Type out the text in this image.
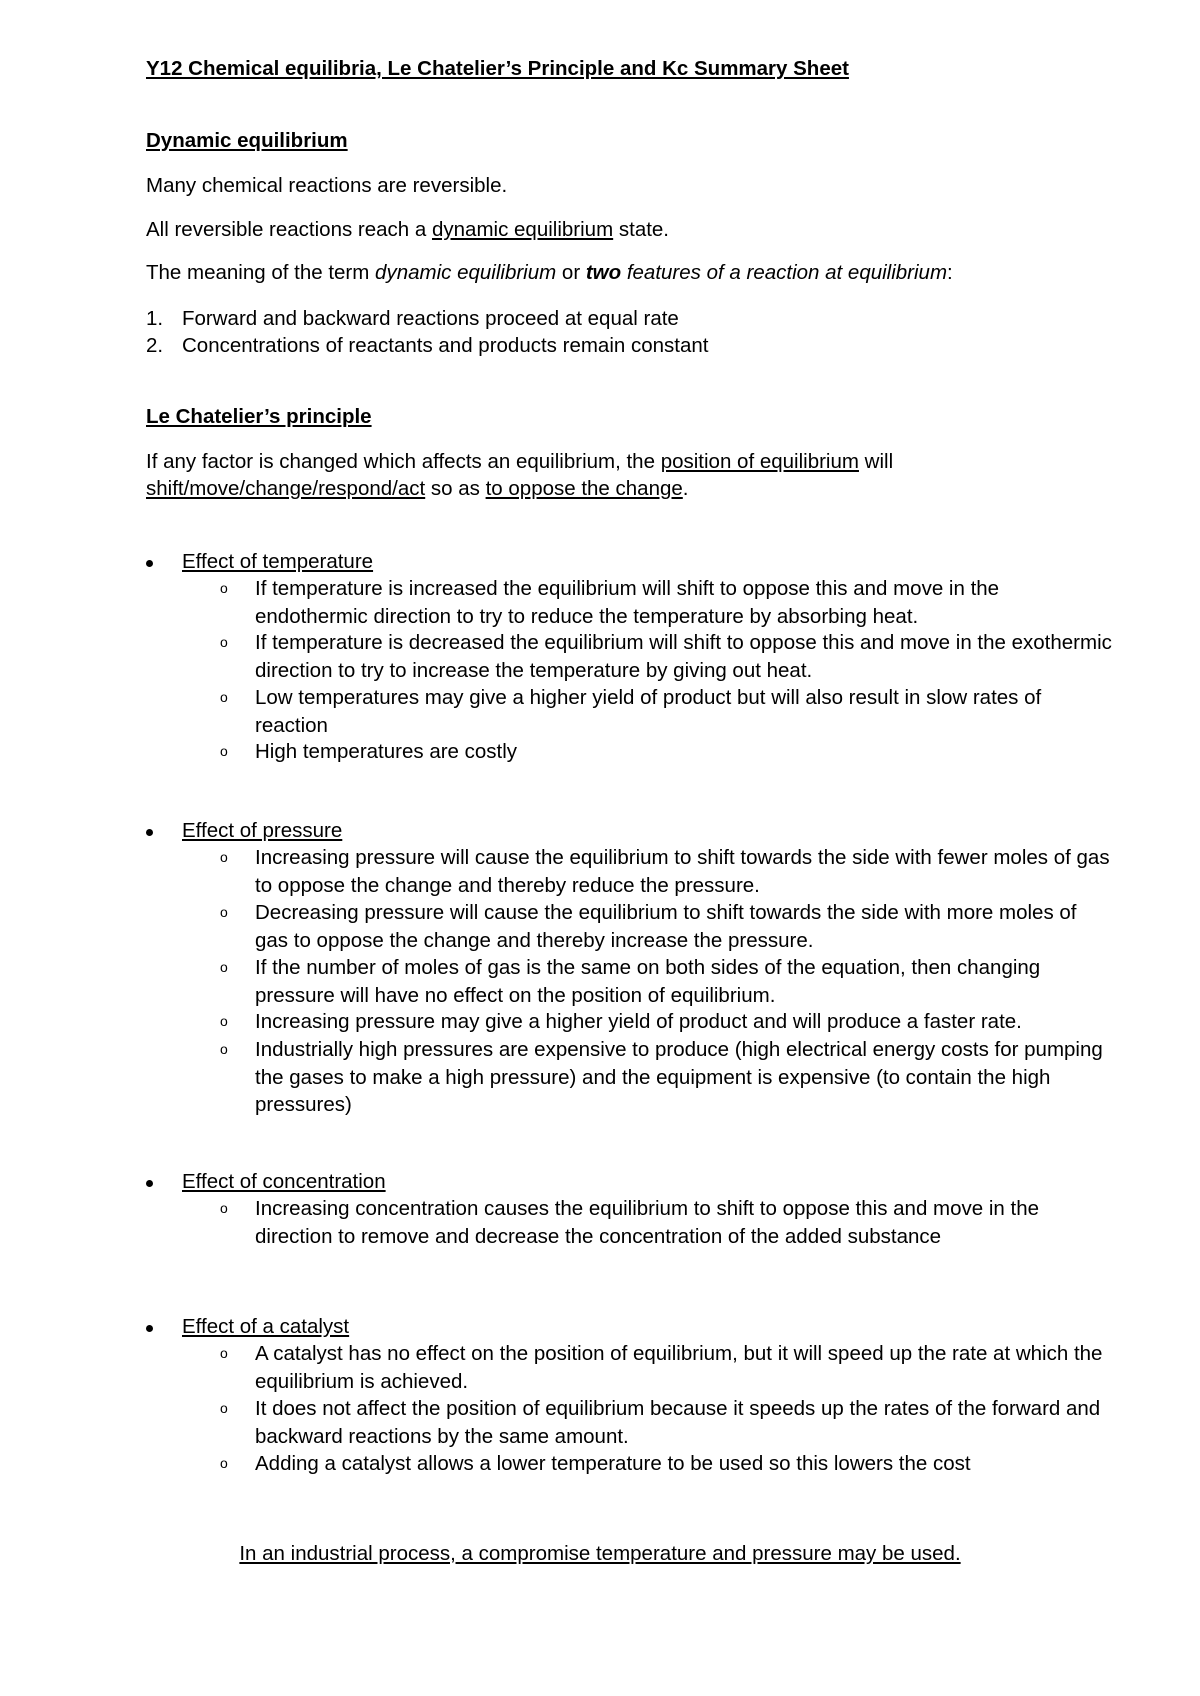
Y12 Chemical equilibria, Le Chatelier’s Principle and Kc Summary Sheet
Dynamic equilibrium
Many chemical reactions are reversible.
All reversible reactions reach a dynamic equilibrium state.
The meaning of the term dynamic equilibrium or two features of a reaction at equilibrium:
1. Forward and backward reactions proceed at equal rate
2. Concentrations of reactants and products remain constant
Le Chatelier’s principle
If any factor is changed which affects an equilibrium, the position of equilibrium will
shift/move/change/respond/act so as to oppose the change.
Effect of temperature
o If temperature is increased the equilibrium will shift to oppose this and move in the endothermic direction to try to reduce the temperature by absorbing heat.
o If temperature is decreased the equilibrium will shift to oppose this and move in the exothermic direction to try to increase the temperature by giving out heat.
o Low temperatures may give a higher yield of product but will also result in slow rates of reaction
o High temperatures are costly
Effect of pressure
o Increasing pressure will cause the equilibrium to shift towards the side with fewer moles of gas to oppose the change and thereby reduce the pressure.
o Decreasing pressure will cause the equilibrium to shift towards the side with more moles of gas to oppose the change and thereby increase the pressure.
o If the number of moles of gas is the same on both sides of the equation, then changing pressure will have no effect on the position of equilibrium.
o Increasing pressure may give a higher yield of product and will produce a faster rate.
o Industrially high pressures are expensive to produce (high electrical energy costs for pumping the gases to make a high pressure) and the equipment is expensive (to contain the high pressures)
Effect of concentration
o Increasing concentration causes the equilibrium to shift to oppose this and move in the direction to remove and decrease the concentration of the added substance
Effect of a catalyst
o A catalyst has no effect on the position of equilibrium, but it will speed up the rate at which the equilibrium is achieved.
o It does not affect the position of equilibrium because it speeds up the rates of the forward and backward reactions by the same amount.
o Adding a catalyst allows a lower temperature to be used so this lowers the cost
In an industrial process, a compromise temperature and pressure may be used.
